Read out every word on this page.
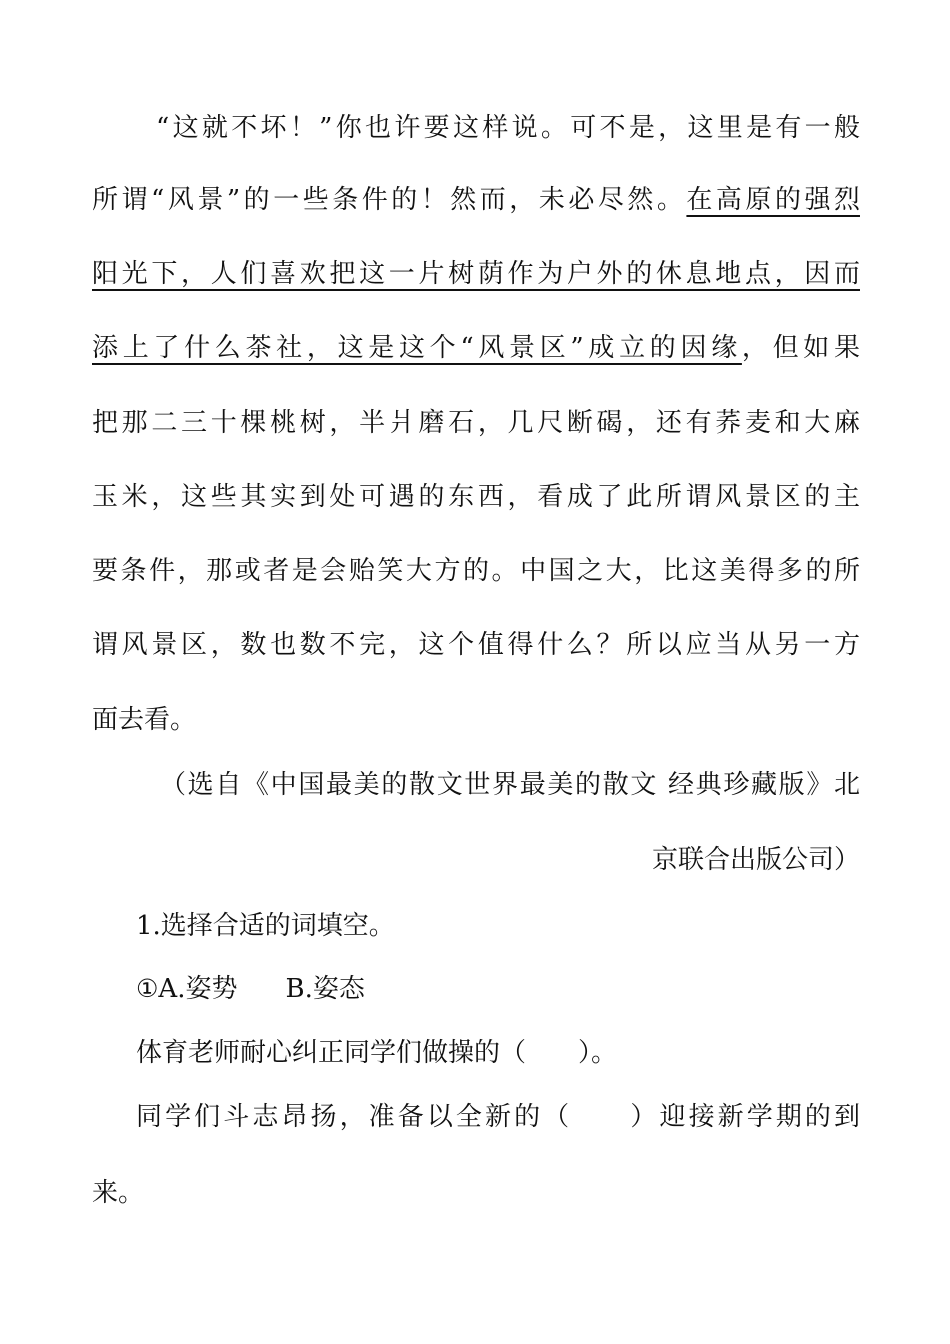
“这就不坏！”你也许要这样说。可不是，这里是有一般
所谓“风景”的一些条件的！然而，未必尽然。在高原的强烈
阳光下，人们喜欢把这一片树荫作为户外的休息地点，因而
添上了什么茶社，这是这个“风景区”成立的因缘，但如果
把那二三十棵桃树，半爿磨石，几尺断碣，还有荞麦和大麻
玉米，这些其实到处可遇的东西，看成了此所谓风景区的主
要条件，那或者是会贻笑大方的。中国之大，比这美得多的所
谓风景区，数也数不完，这个值得什么？所以应当从另一方
面去看。
（选自《中国最美的散文世界最美的散文 经典珍藏版》北
京联合出版公司）
1.选择合适的词填空。
①A.姿势 B.姿态
体育老师耐心纠正同学们做操的（　　）。
同学们斗志昂扬，准备以全新的（　　）迎接新学期的到
来。
